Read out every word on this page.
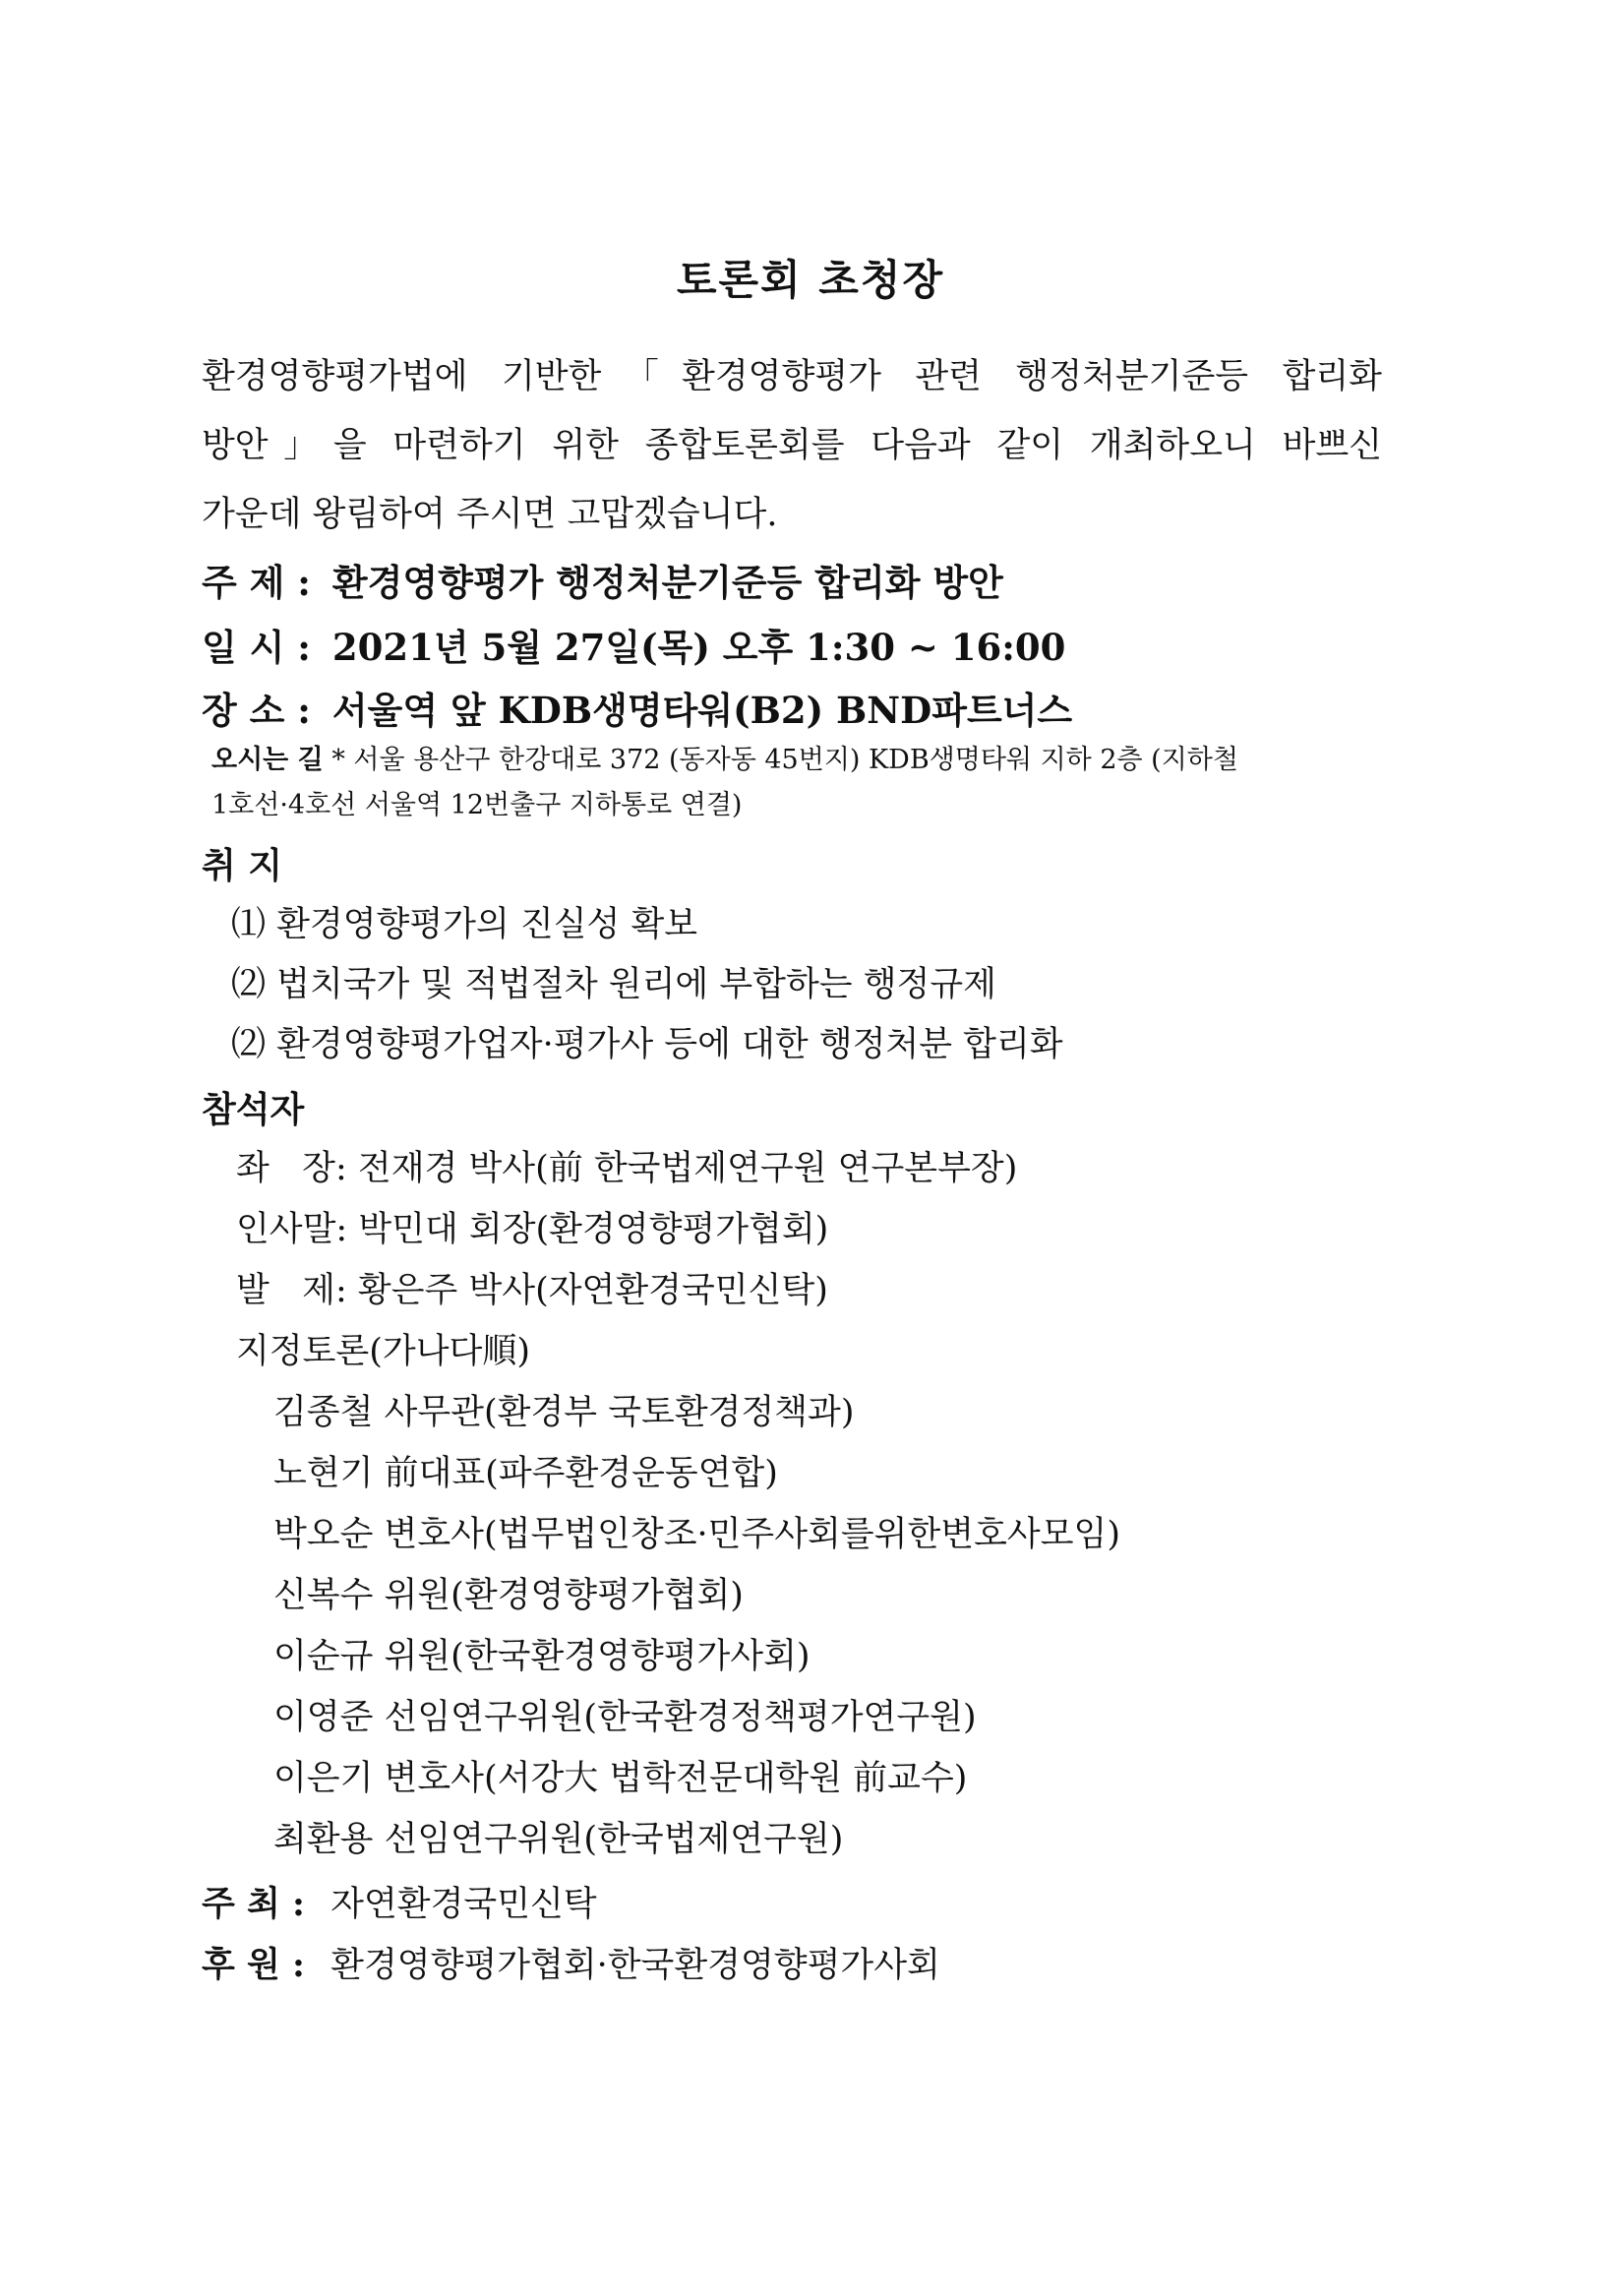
토론회 초청장
환경영향평가법에 기반한「환경영향평가 관련 행정처분기준등 합리화
방안」을 마련하기 위한 종합토론회를 다음과 같이 개최하오니 바쁘신
가운데 왕림하여 주시면 고맙겠습니다.
주 제 : 환경영향평가 행정처분기준등 합리화 방안
일 시 : 2021년 5월 27일(목) 오후 1:30 ~ 16:00
장 소 : 서울역 앞 KDB생명타워(B2) BND파트너스
오시는 길 * 서울 용산구 한강대로 372 (동자동 45번지) KDB생명타워 지하 2층 (지하철
1호선·4호선 서울역 12번출구 지하통로 연결)
취 지
⑴ 환경영향평가의 진실성 확보
⑵ 법치국가 및 적법절차 원리에 부합하는 행정규제
⑵ 환경영향평가업자·평가사 등에 대한 행정처분 합리화
참석자
좌   장: 전재경 박사(前 한국법제연구원 연구본부장)
인사말: 박민대 회장(환경영향평가협회)
발   제: 황은주 박사(자연환경국민신탁)
지정토론(가나다順)
김종철 사무관(환경부 국토환경정책과)
노현기 前대표(파주환경운동연합)
박오순 변호사(법무법인창조·민주사회를위한변호사모임)
신복수 위원(환경영향평가협회)
이순규 위원(한국환경영향평가사회)
이영준 선임연구위원(한국환경정책평가연구원)
이은기 변호사(서강大 법학전문대학원 前교수)
최환용 선임연구위원(한국법제연구원)
주 최 : 자연환경국민신탁
후 원 : 환경영향평가협회·한국환경영향평가사회
